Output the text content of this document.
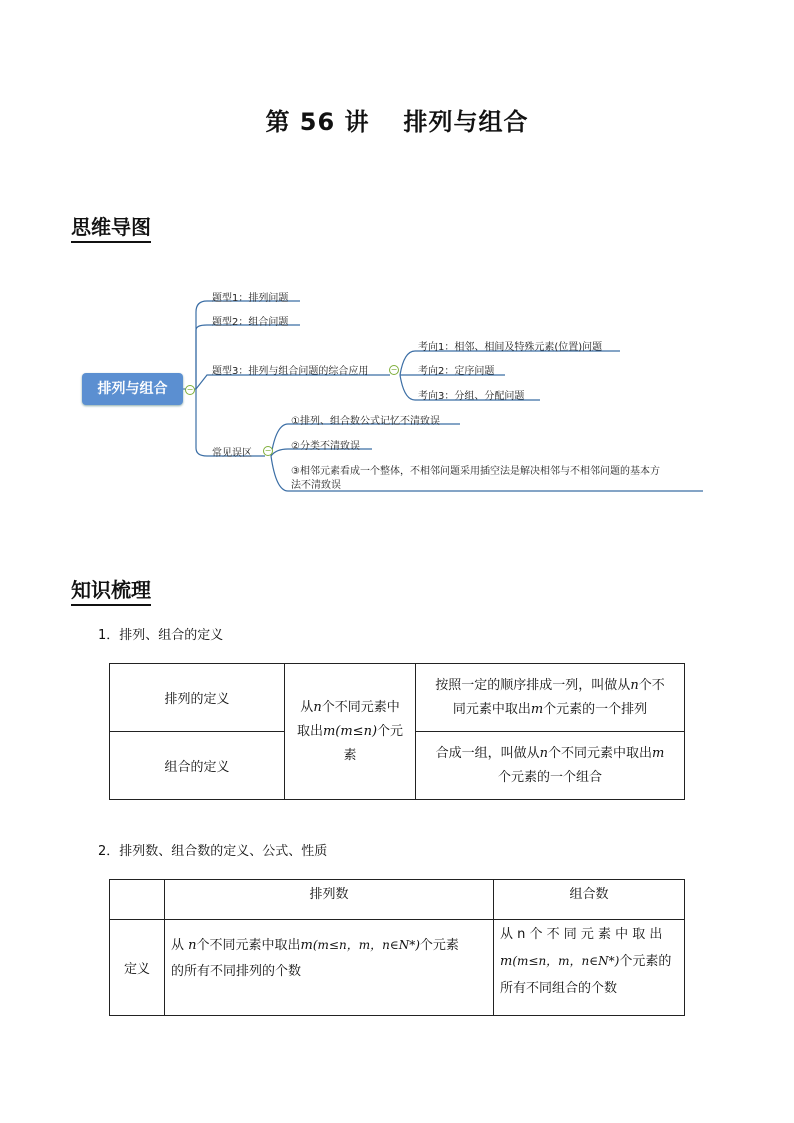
第 56 讲 排列与组合
思维导图
排列与组合	−
题型1：排列问题
题型2：组合问题
题型3：排列与组合问题的综合应用	−
考向1：相邻、相间及特殊元素(位置)问题
考向2：定序问题
考向3：分组、分配问题
常见误区 −
①排列、组合数公式记忆不清致误
②分类不清致误
③相邻元素看成一个整体，不相邻问题采用插空法是解决相邻与不相邻问题的基本方
法不清致误
知识梳理
1．排列、组合的定义
排列的定义	从n个不同元素中
取出m(m≤n)个元
素	按照一定的顺序排成一列，叫做从n个不
同元素中取出m个元素的一个排列
组合的定义		合成一组，叫做从n个不同元素中取出m
个元素的一个组合
2．排列数、组合数的定义、公式、性质
	排列数	组合数
定义	从 n个不同元素中取出m(m≤n，m，n∈N*)个元素
的所有不同排列的个数	从 n 个 不 同 元 素 中 取 出
m(m≤n，m，n∈N*)个元素的
所有不同组合的个数
